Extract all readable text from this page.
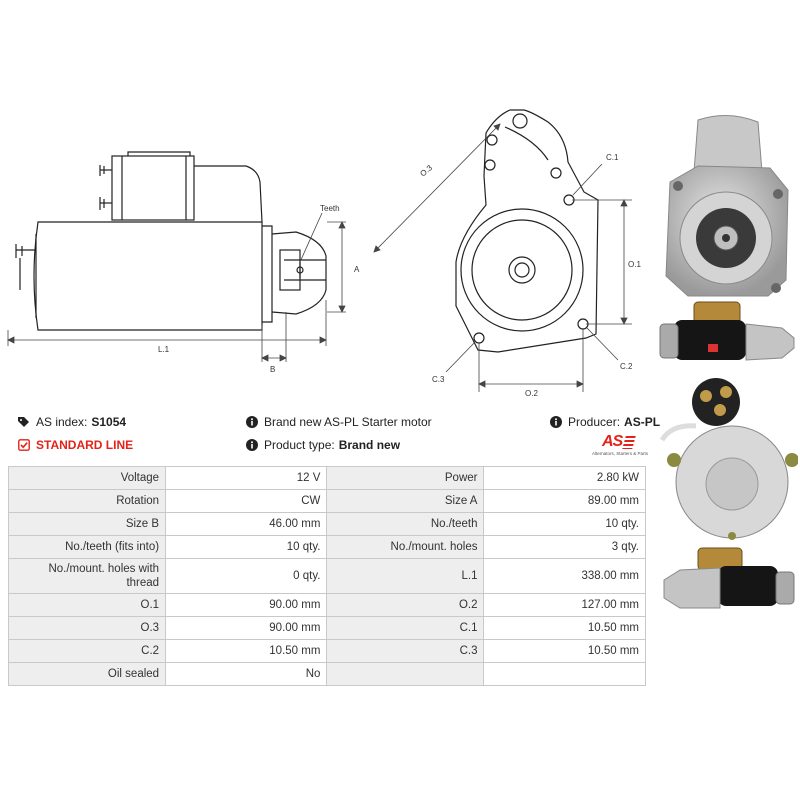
Teeth
A
B
L.1
O.3
C.1
O.1
C.2
C.3
O.2
AS index: S1054	Brand new AS-PL Starter motor	Producer: AS-PL
STANDARD LINE	Product type: Brand new	AS
Alternators, Starters & Parts
Voltage	12 V	Power	2.80 kW
Rotation	CW	Size A	89.00 mm
Size B	46.00 mm	No./teeth	10 qty.
No./teeth (fits into)	10 qty.	No./mount. holes	3 qty.
No./mount. holes with thread	0 qty.	L.1	338.00 mm
O.1	90.00 mm	O.2	127.00 mm
O.3	90.00 mm	C.1	10.50 mm
C.2	10.50 mm	C.3	10.50 mm
Oil sealed	No		
